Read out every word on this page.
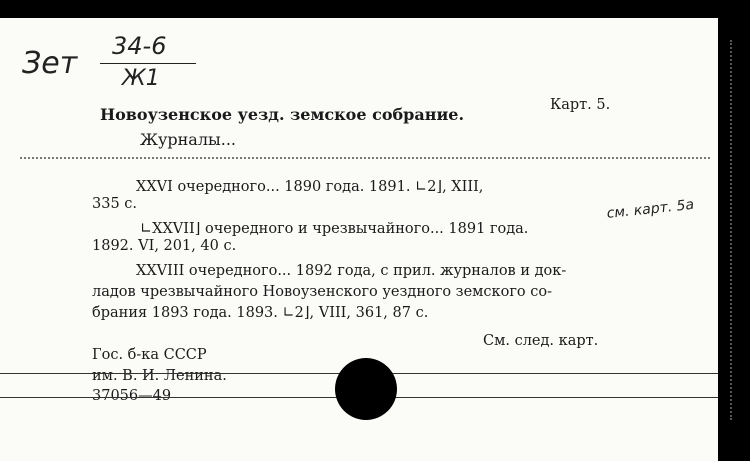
Зет 34-6
Ж1
Карт. 5.
Новоузенское уезд. земское собрание.
Журналы...
XXVI очередного... 1890 года. 1891. ∟2⌋, XIII,
335 с.
∟XXVII⌋ очередного и чрезвычайного... 1891 года.
1892. VI, 201, 40 с.
см. карт. 5а
XXVIII очередного... 1892 года, с прил. журналов и док-
ладов чрезвычайного Новоузенского уездного земского со-
брания 1893 года. 1893. ∟2⌋, VIII, 361, 87 с.
См. след. карт.
Гос. б-ка СССР
им. В. И. Ленина.
37056—49
